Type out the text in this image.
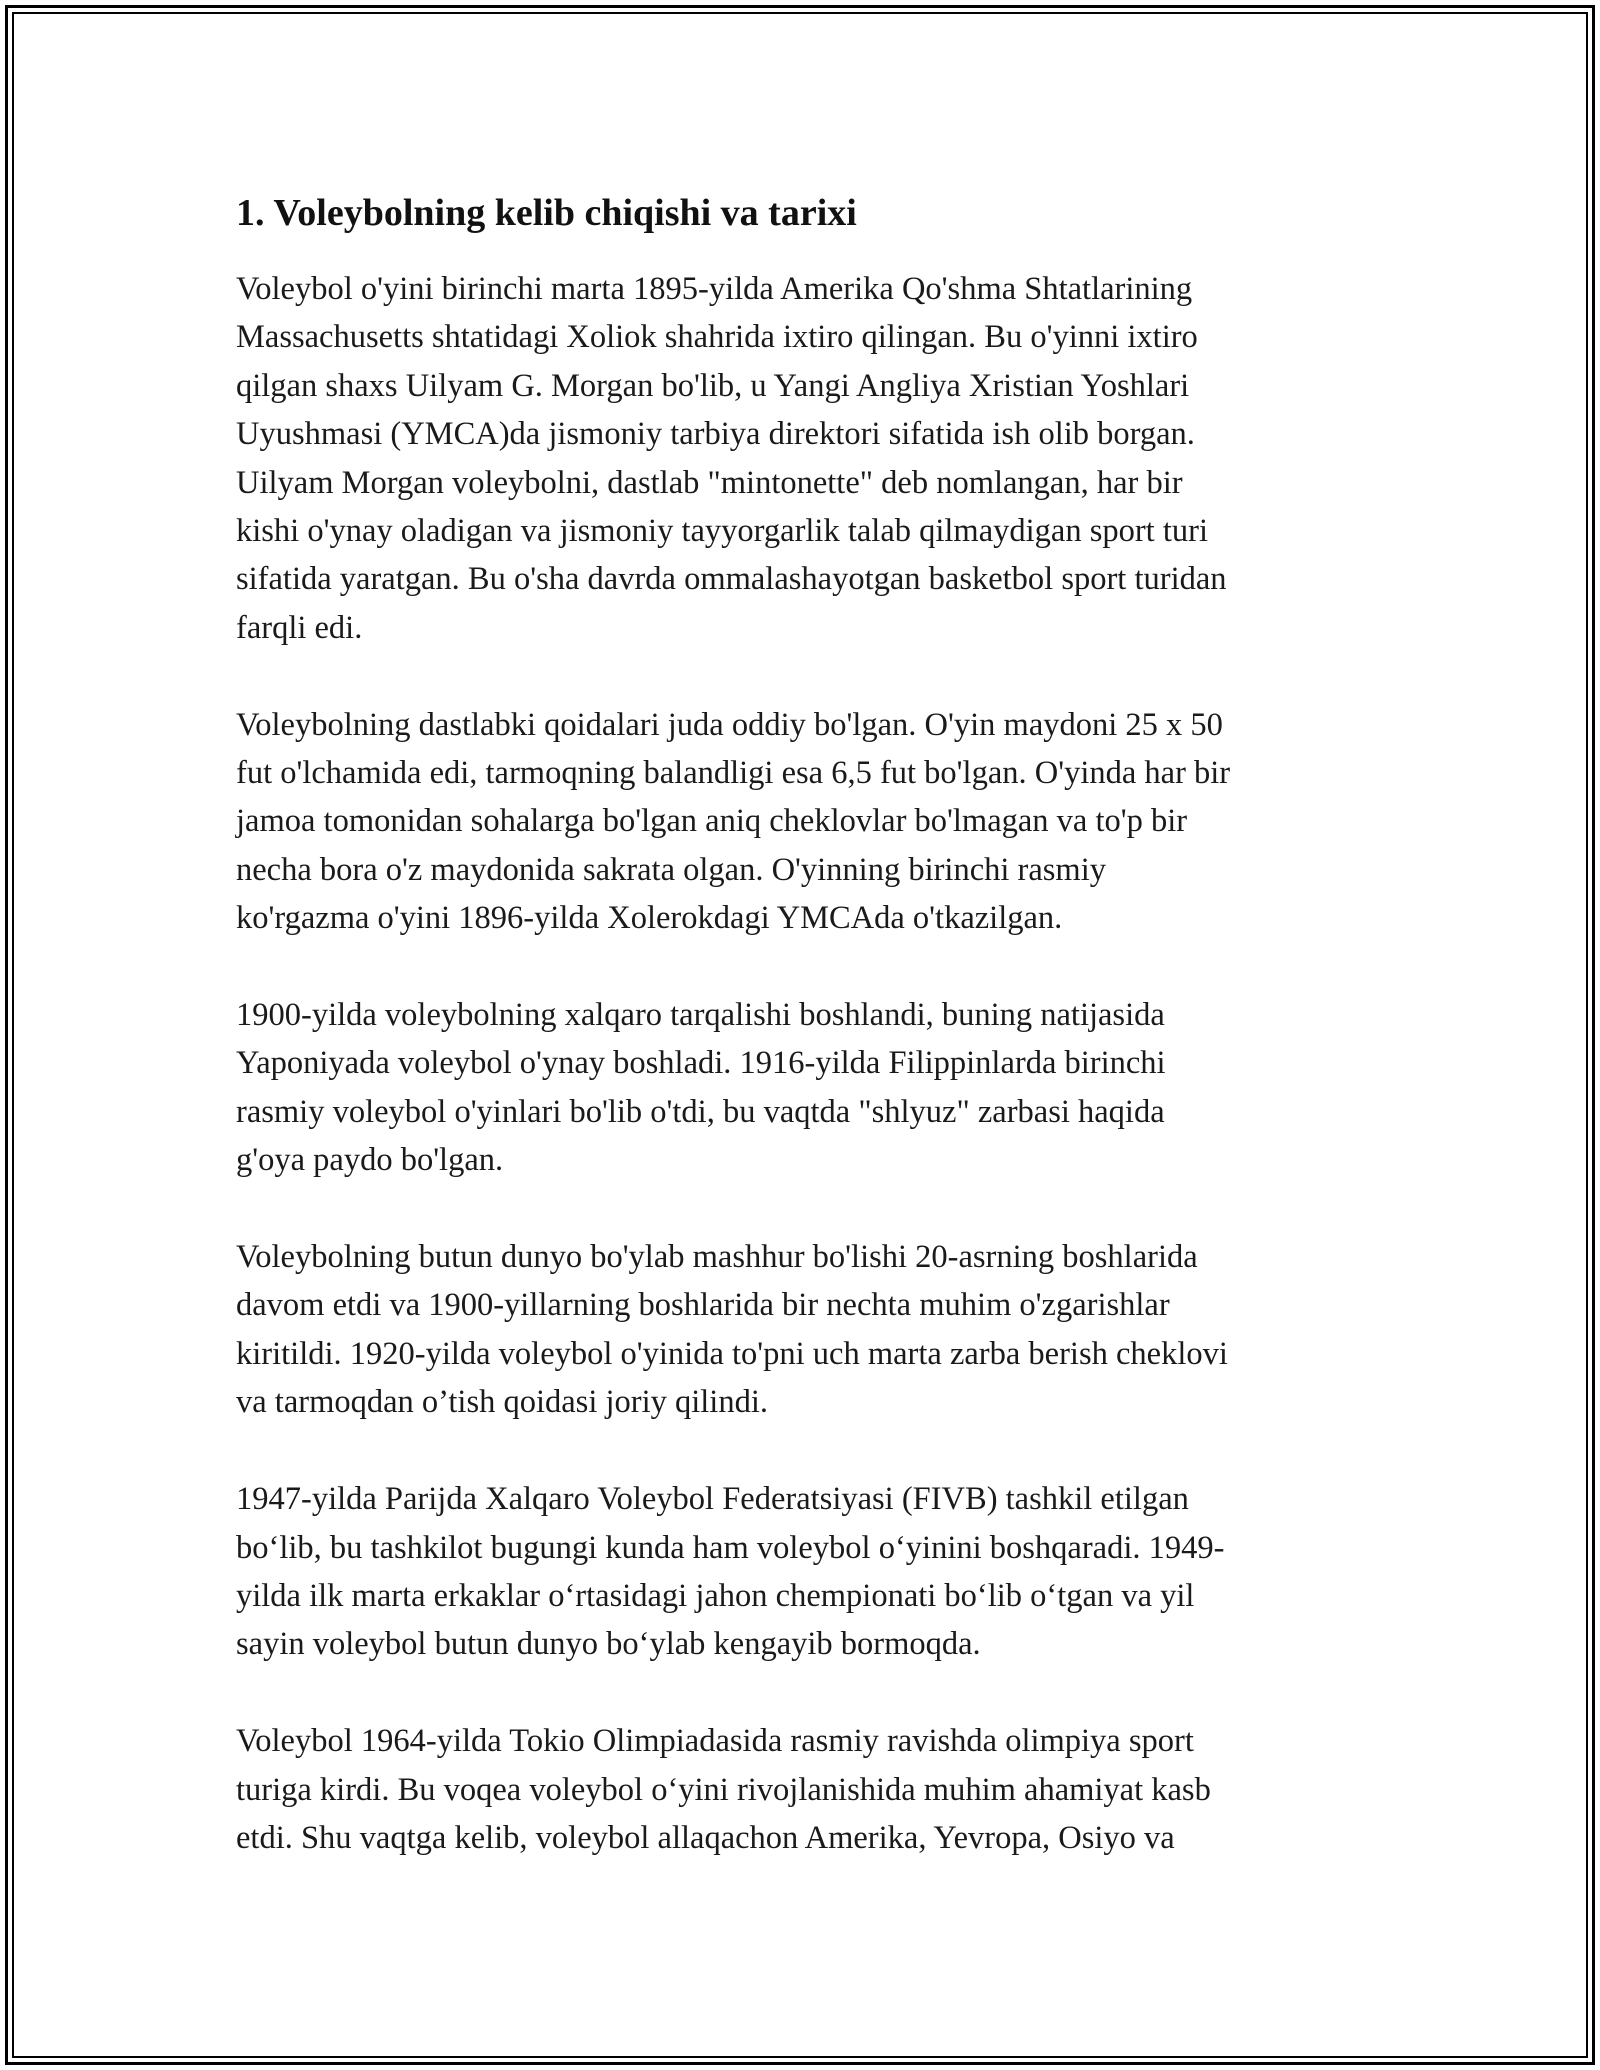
1. Voleybolning kelib chiqishi va tarixi

Voleybol o'yini birinchi marta 1895-yilda Amerika Qo'shma Shtatlarining
Massachusetts shtatidagi Xoliok shahrida ixtiro qilingan. Bu o'yinni ixtiro
qilgan shaxs Uilyam G. Morgan bo'lib, u Yangi Angliya Xristian Yoshlari
Uyushmasi (YMCA)da jismoniy tarbiya direktori sifatida ish olib borgan.
Uilyam Morgan voleybolni, dastlab "mintonette" deb nomlangan, har bir
kishi o'ynay oladigan va jismoniy tayyorgarlik talab qilmaydigan sport turi
sifatida yaratgan. Bu o'sha davrda ommalashayotgan basketbol sport turidan
farqli edi.

Voleybolning dastlabki qoidalari juda oddiy bo'lgan. O'yin maydoni 25 x 50
fut o'lchamida edi, tarmoqning balandligi esa 6,5 fut bo'lgan. O'yinda har bir
jamoa tomonidan sohalarga bo'lgan aniq cheklovlar bo'lmagan va to'p bir
necha bora o'z maydonida sakrata olgan. O'yinning birinchi rasmiy
ko'rgazma o'yini 1896-yilda Xolerokdagi YMCAda o'tkazilgan.

1900-yilda voleybolning xalqaro tarqalishi boshlandi, buning natijasida
Yaponiyada voleybol o'ynay boshladi. 1916-yilda Filippinlarda birinchi
rasmiy voleybol o'yinlari bo'lib o'tdi, bu vaqtda "shlyuz" zarbasi haqida
g'oya paydo bo'lgan.

Voleybolning butun dunyo bo'ylab mashhur bo'lishi 20-asrning boshlarida
davom etdi va 1900-yillarning boshlarida bir nechta muhim o'zgarishlar
kiritildi. 1920-yilda voleybol o'yinida to'pni uch marta zarba berish cheklovi
va tarmoqdan o’tish qoidasi joriy qilindi.

1947-yilda Parijda Xalqaro Voleybol Federatsiyasi (FIVB) tashkil etilgan
boʻlib, bu tashkilot bugungi kunda ham voleybol oʻyinini boshqaradi. 1949-
yilda ilk marta erkaklar oʻrtasidagi jahon chempionati boʻlib oʻtgan va yil
sayin voleybol butun dunyo boʻylab kengayib bormoqda.

Voleybol 1964-yilda Tokio Olimpiadasida rasmiy ravishda olimpiya sport
turiga kirdi. Bu voqea voleybol oʻyini rivojlanishida muhim ahamiyat kasb
etdi. Shu vaqtga kelib, voleybol allaqachon Amerika, Yevropa, Osiyo va
